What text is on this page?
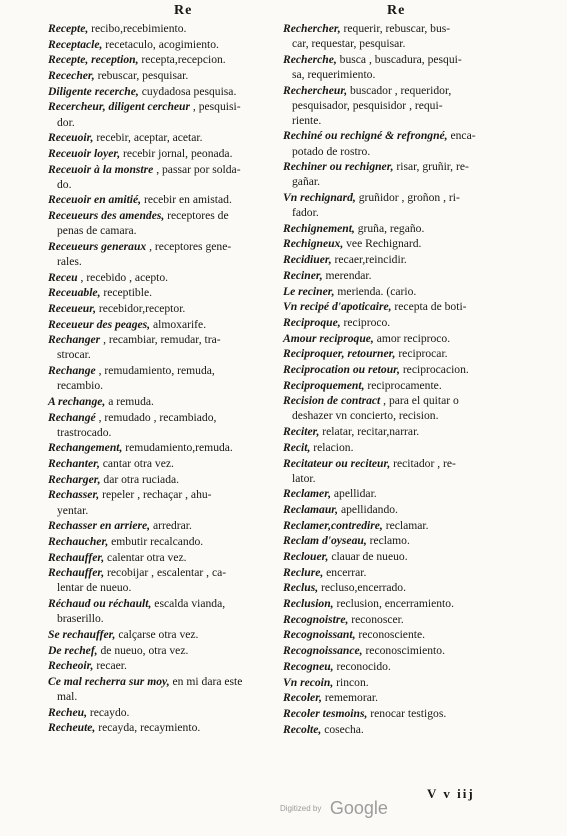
Re	Re
Recepte, recibo,recebimiento.
Receptacle, recetaculo, acogimiento.
Recepte, reception, recepta,recepcion.
Rececher, rebuscar, pesquisar.
Diligente recerche, cuydadosa pesquisa.
Recercheur, diligent cercheur , pesquisi-
dor.
Receuoir, recebir, aceptar, acetar.
Receuoir loyer, recebir jornal, peonada.
Receuoir à la monstre , passar por solda-
do.
Receuoir en amitié, recebir en amistad.
Receueurs des amendes, receptores de
penas de camara.
Receueurs generaux , receptores gene-
rales.
Receu , recebido , acepto.
Receuable, receptible.
Receueur, recebidor,receptor.
Receueur des peages, almoxarife.
Rechanger , recambiar, remudar, tra-
strocar.
Rechange , remudamiento, remuda,
recambio.
A rechange, a remuda.
Rechangé , remudado , recambiado,
trastrocado.
Rechangement, remudamiento,remuda.
Rechanter, cantar otra vez.
Recharger, dar otra ruciada.
Rechasser, repeler , rechaçar , ahu-
yentar.
Rechasser en arriere, arredrar.
Rechaucher, embutir recalcando.
Rechauffer, calentar otra vez.
Rechauffer, recobijar , escalentar , ca-
lentar de nueuo.
Réchaud ou réchault, escalda vianda,
braserillo.
Se rechauffer, calçarse otra vez.
De rechef, de nueuo, otra vez.
Recheoir, recaer.
Ce mal recherra sur moy, en mi dara este
mal.
Recheu, recaydo.
Recheute, recayda, recaymiento.
Rechercher, requerir, rebuscar, bus-
car, requestar, pesquisar.
Recherche, busca , buscadura, pesqui-
sa, requerimiento.
Rechercheur, buscador , requeridor,
pesquisador, pesquisidor , requi-
riente.
Rechiné ou rechigné & refrongné, enca-
potado de rostro.
Rechiner ou rechigner, risar, gruñir, re-
gañar.
Vn rechignard, gruñidor , groñon , ri-
fador.
Rechignement, gruña, regaño.
Rechigneux, vee Rechignard.
Recidiuer, recaer,reincidir.
Reciner, merendar.
Le reciner, merienda. (cario.
Vn recipé d'apoticaire, recepta de boti-
Reciproque, reciproco.
Amour reciproque, amor reciproco.
Reciproquer, retourner, reciprocar.
Reciprocation ou retour, reciprocacion.
Reciproquement, reciprocamente.
Recision de contract , para el quitar o
deshazer vn concierto, recision.
Reciter, relatar, recitar,narrar.
Recit, relacion.
Recitateur ou reciteur, recitador , re-
lator.
Reclamer, apellidar.
Reclamaur, apellidando.
Reclamer,contredire, reclamar.
Reclam d'oyseau, reclamo.
Reclouer, clauar de nueuo.
Reclure, encerrar.
Reclus, recluso,encerrado.
Reclusion, reclusion, encerramiento.
Recognoistre, reconoscer.
Recognoissant, reconosciente.
Recognoissance, reconoscimiento.
Recogneu, reconocido.
Vn recoin, rincon.
Recoler, rememorar.
Recoler tesmoins, renocar testigos.
Recolte, cosecha.
V v iij
Digitized by Google
